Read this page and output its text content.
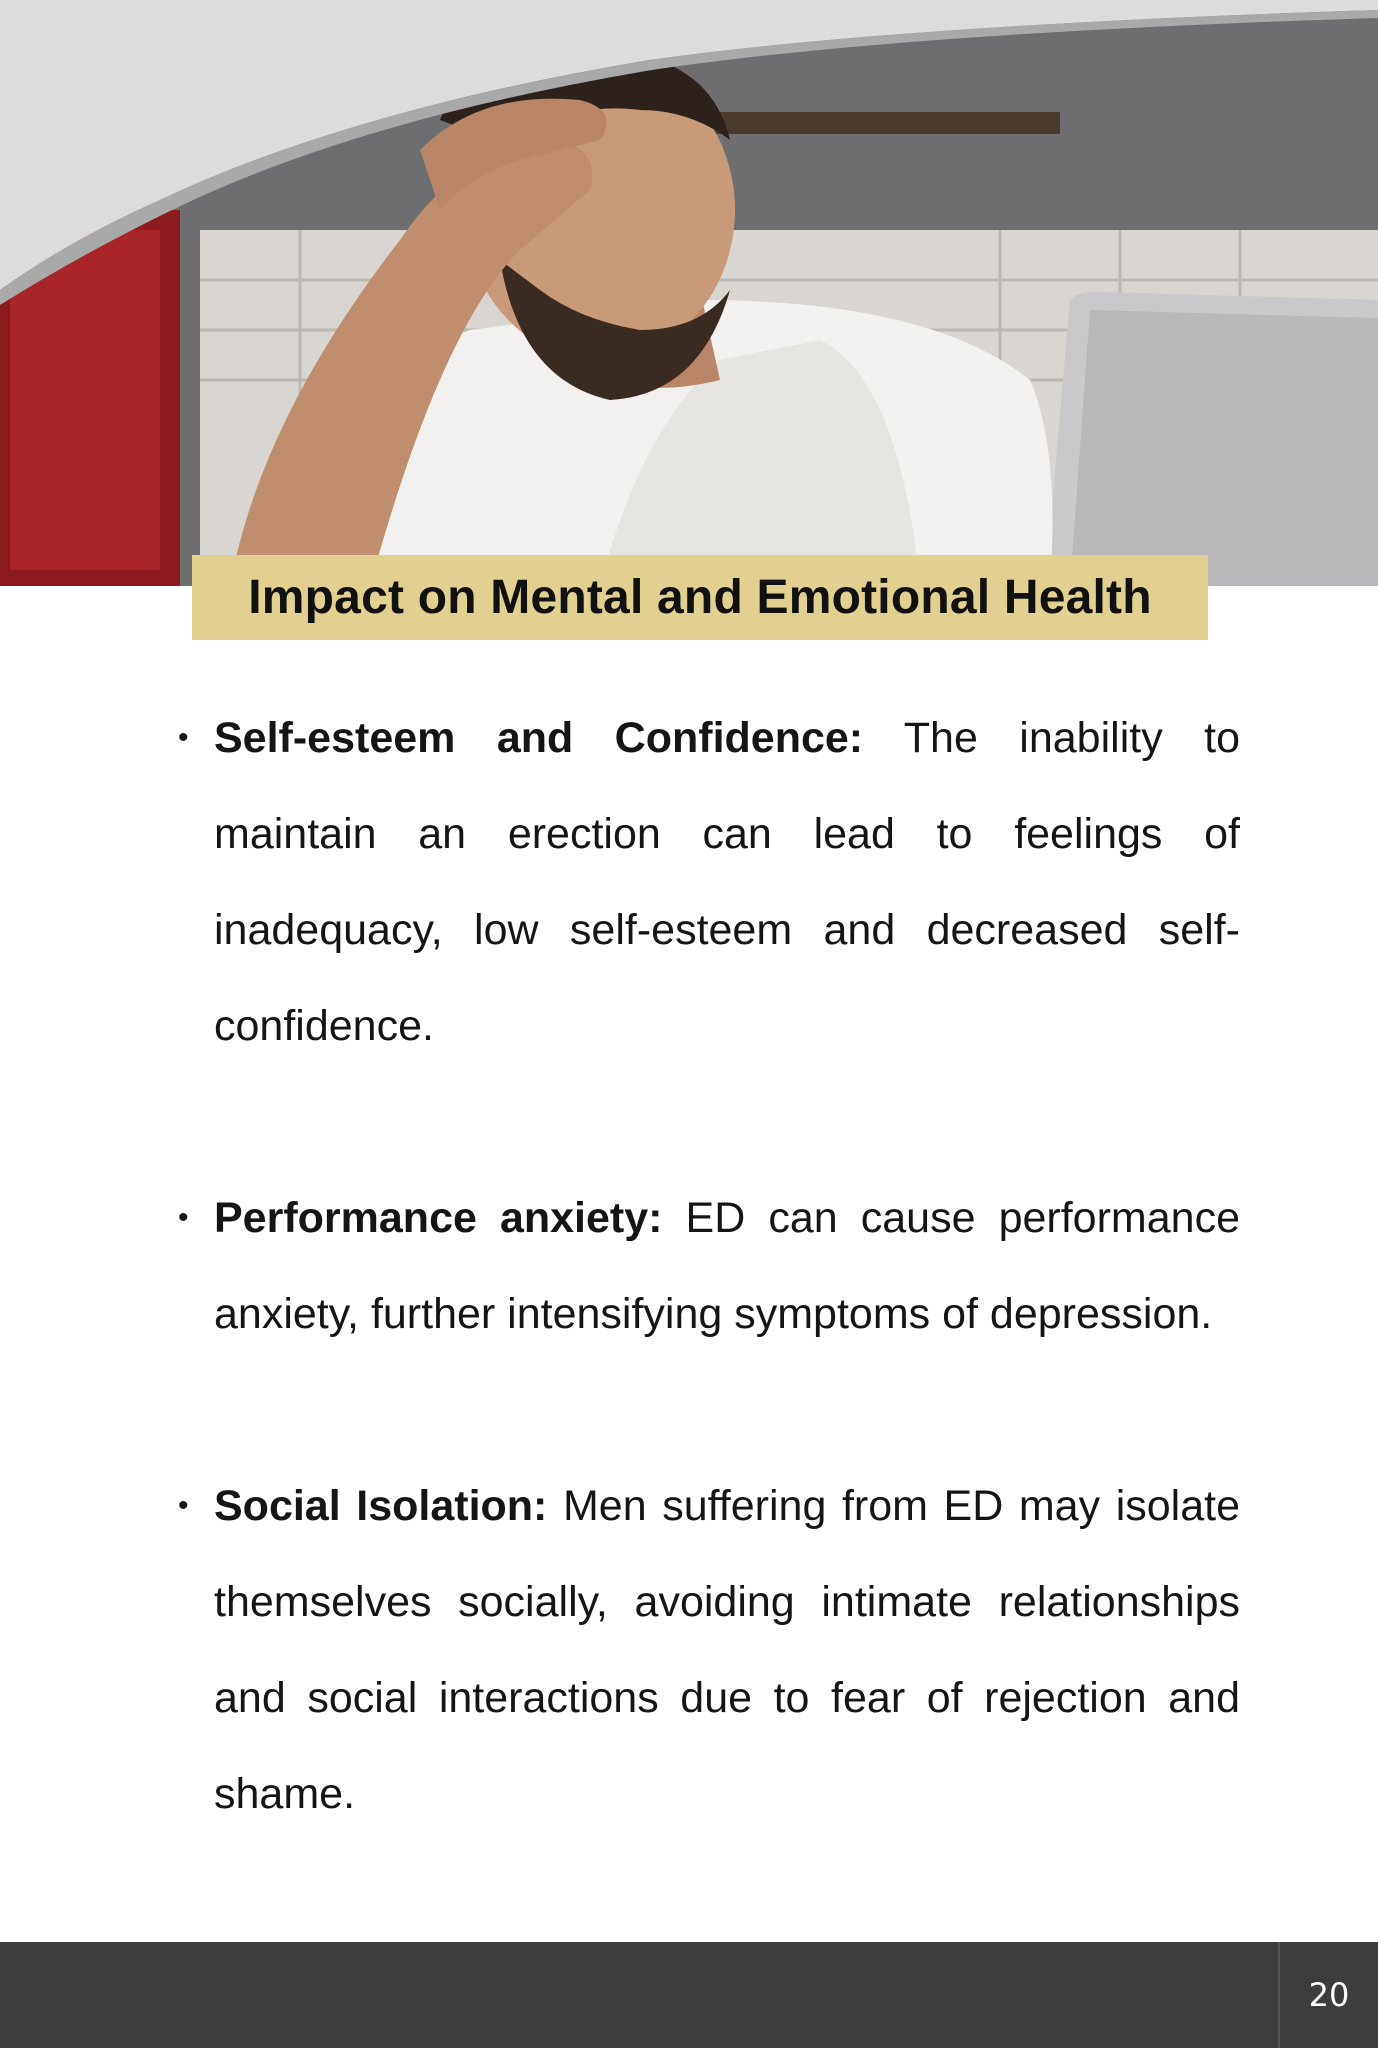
Impact on Mental and Emotional Health
• Self-esteem and Confidence: The inability to maintain an erection can lead to feelings of inadequacy, low self-esteem and decreased self-confidence.
• Performance anxiety: ED can cause performance anxiety, further intensifying symptoms of depression.
• Social Isolation: Men suffering from ED may isolate themselves socially, avoiding intimate relationships and social interactions due to fear of rejection and shame.
20
